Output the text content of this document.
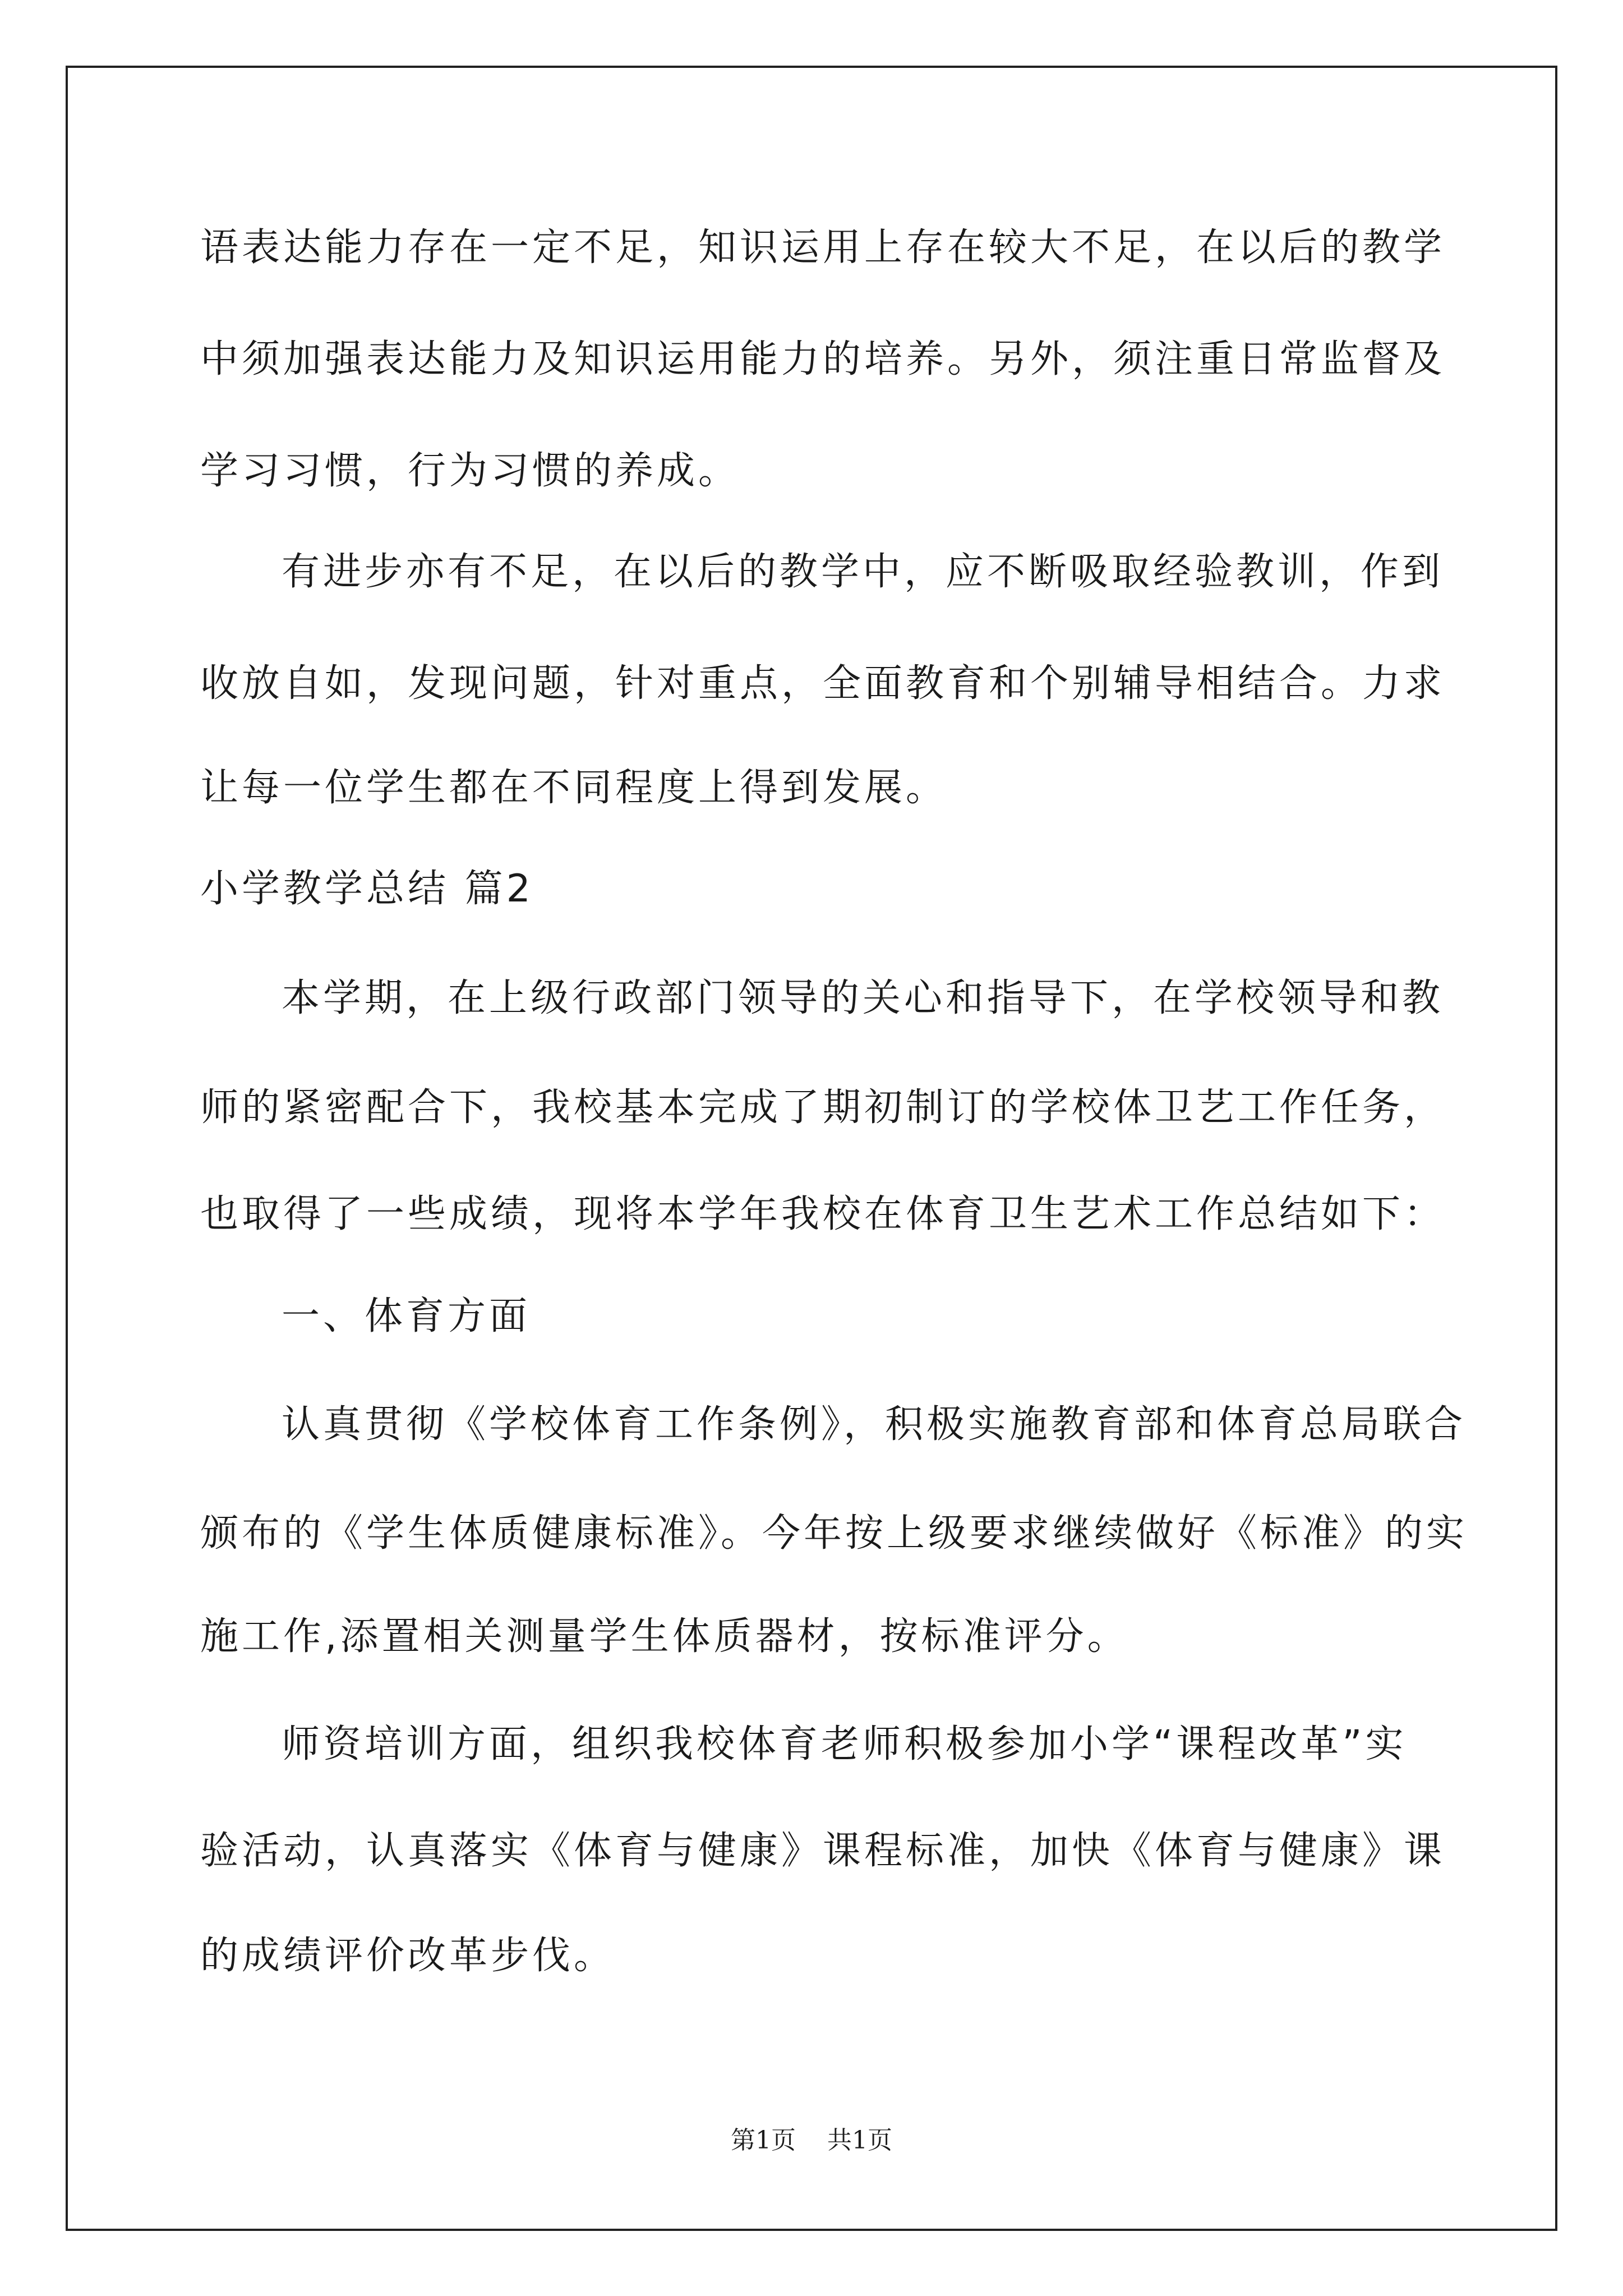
语表达能力存在一定不足，知识运用上存在较大不足，在以后的教学
中须加强表达能力及知识运用能力的培养。另外，须注重日常监督及
学习习惯，行为习惯的养成。
有进步亦有不足，在以后的教学中，应不断吸取经验教训，作到
收放自如，发现问题，针对重点，全面教育和个别辅导相结合。力求
让每一位学生都在不同程度上得到发展。
小学教学总结 篇2
本学期，在上级行政部门领导的关心和指导下，在学校领导和教
师的紧密配合下，我校基本完成了期初制订的学校体卫艺工作任务，
也取得了一些成绩，现将本学年我校在体育卫生艺术工作总结如下：
一、体育方面
认真贯彻《学校体育工作条例》，积极实施教育部和体育总局联合
颁布的《学生体质健康标准》。今年按上级要求继续做好《标准》的实
施工作,添置相关测量学生体质器材，按标准评分。
师资培训方面，组织我校体育老师积极参加小学“课程改革”实
验活动，认真落实《体育与健康》课程标准，加快《体育与健康》课
的成绩评价改革步伐。
第1页 共1页
